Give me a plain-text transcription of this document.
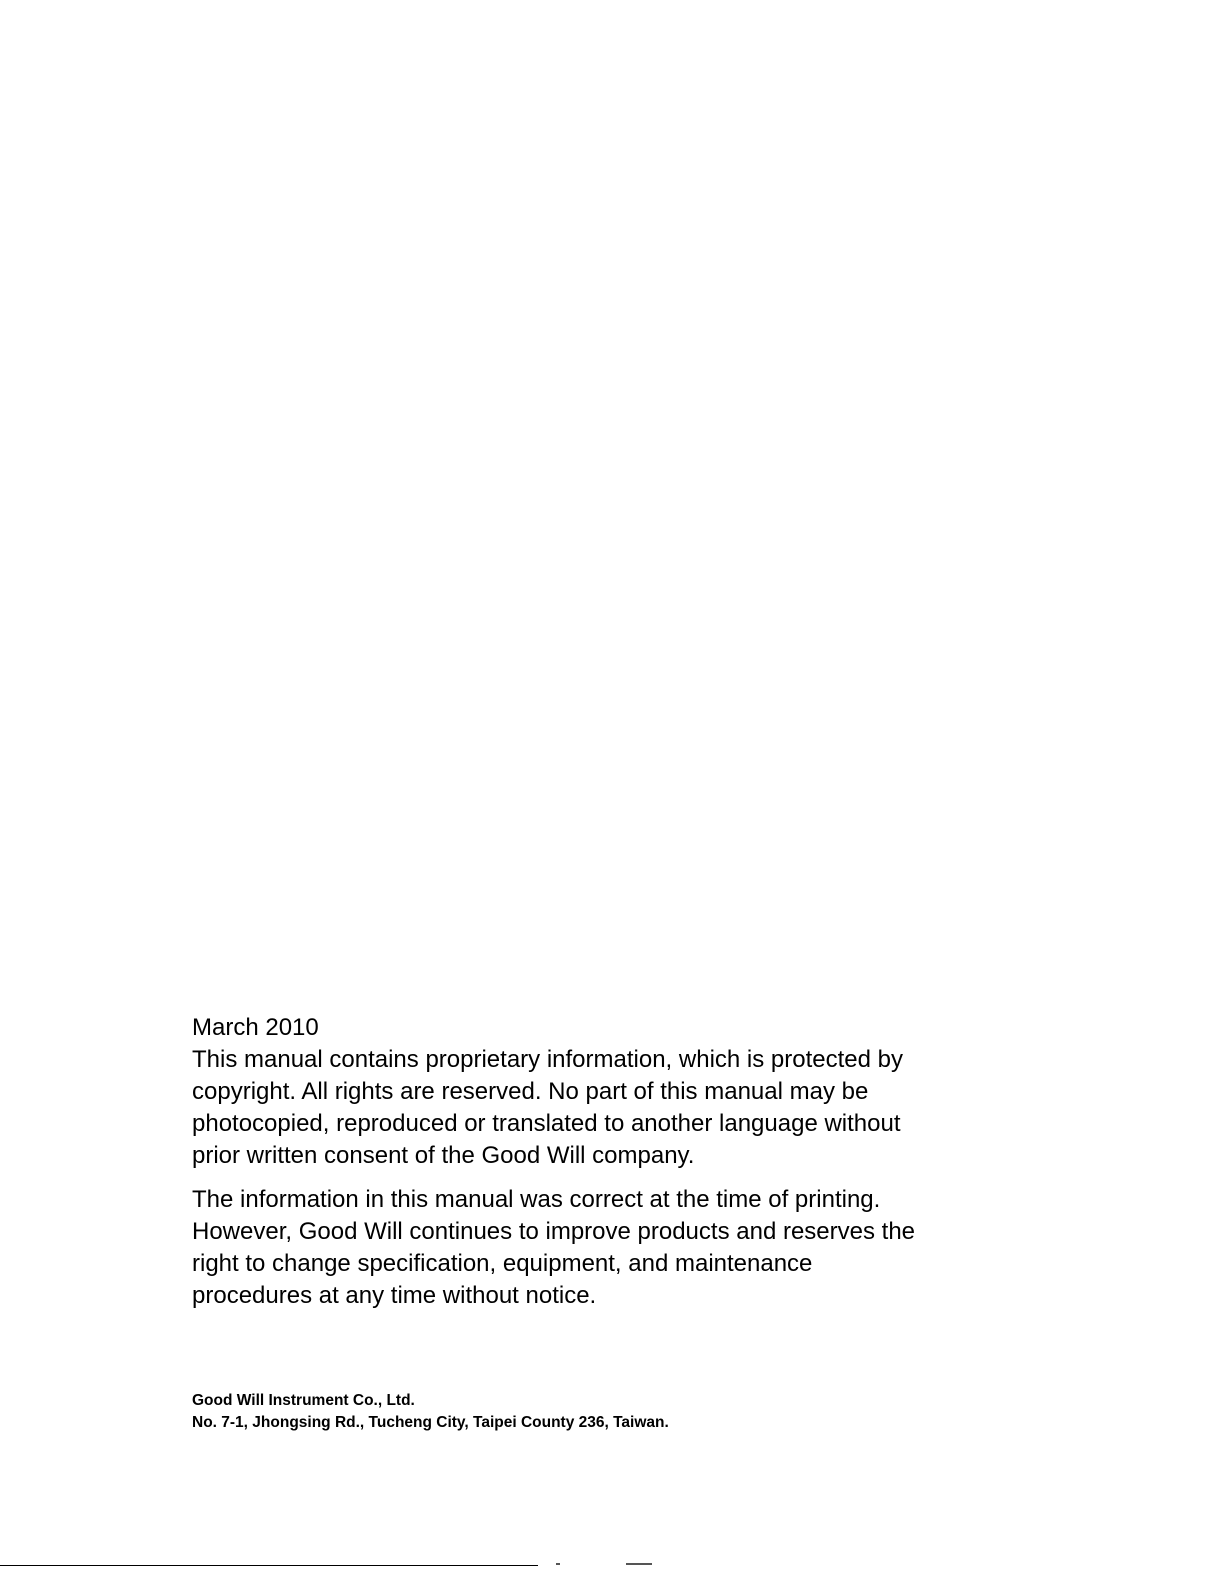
March 2010

This manual contains proprietary information, which is protected by
copyright. All rights are reserved. No part of this manual may be
photocopied, reproduced or translated to another language without
prior written consent of the Good Will company.

The information in this manual was correct at the time of printing.
However, Good Will continues to improve products and reserves the
right to change specification, equipment, and maintenance
procedures at any time without notice.

Good Will Instrument Co., Ltd.
No. 7-1, Jhongsing Rd., Tucheng City, Taipei County 236, Taiwan.
